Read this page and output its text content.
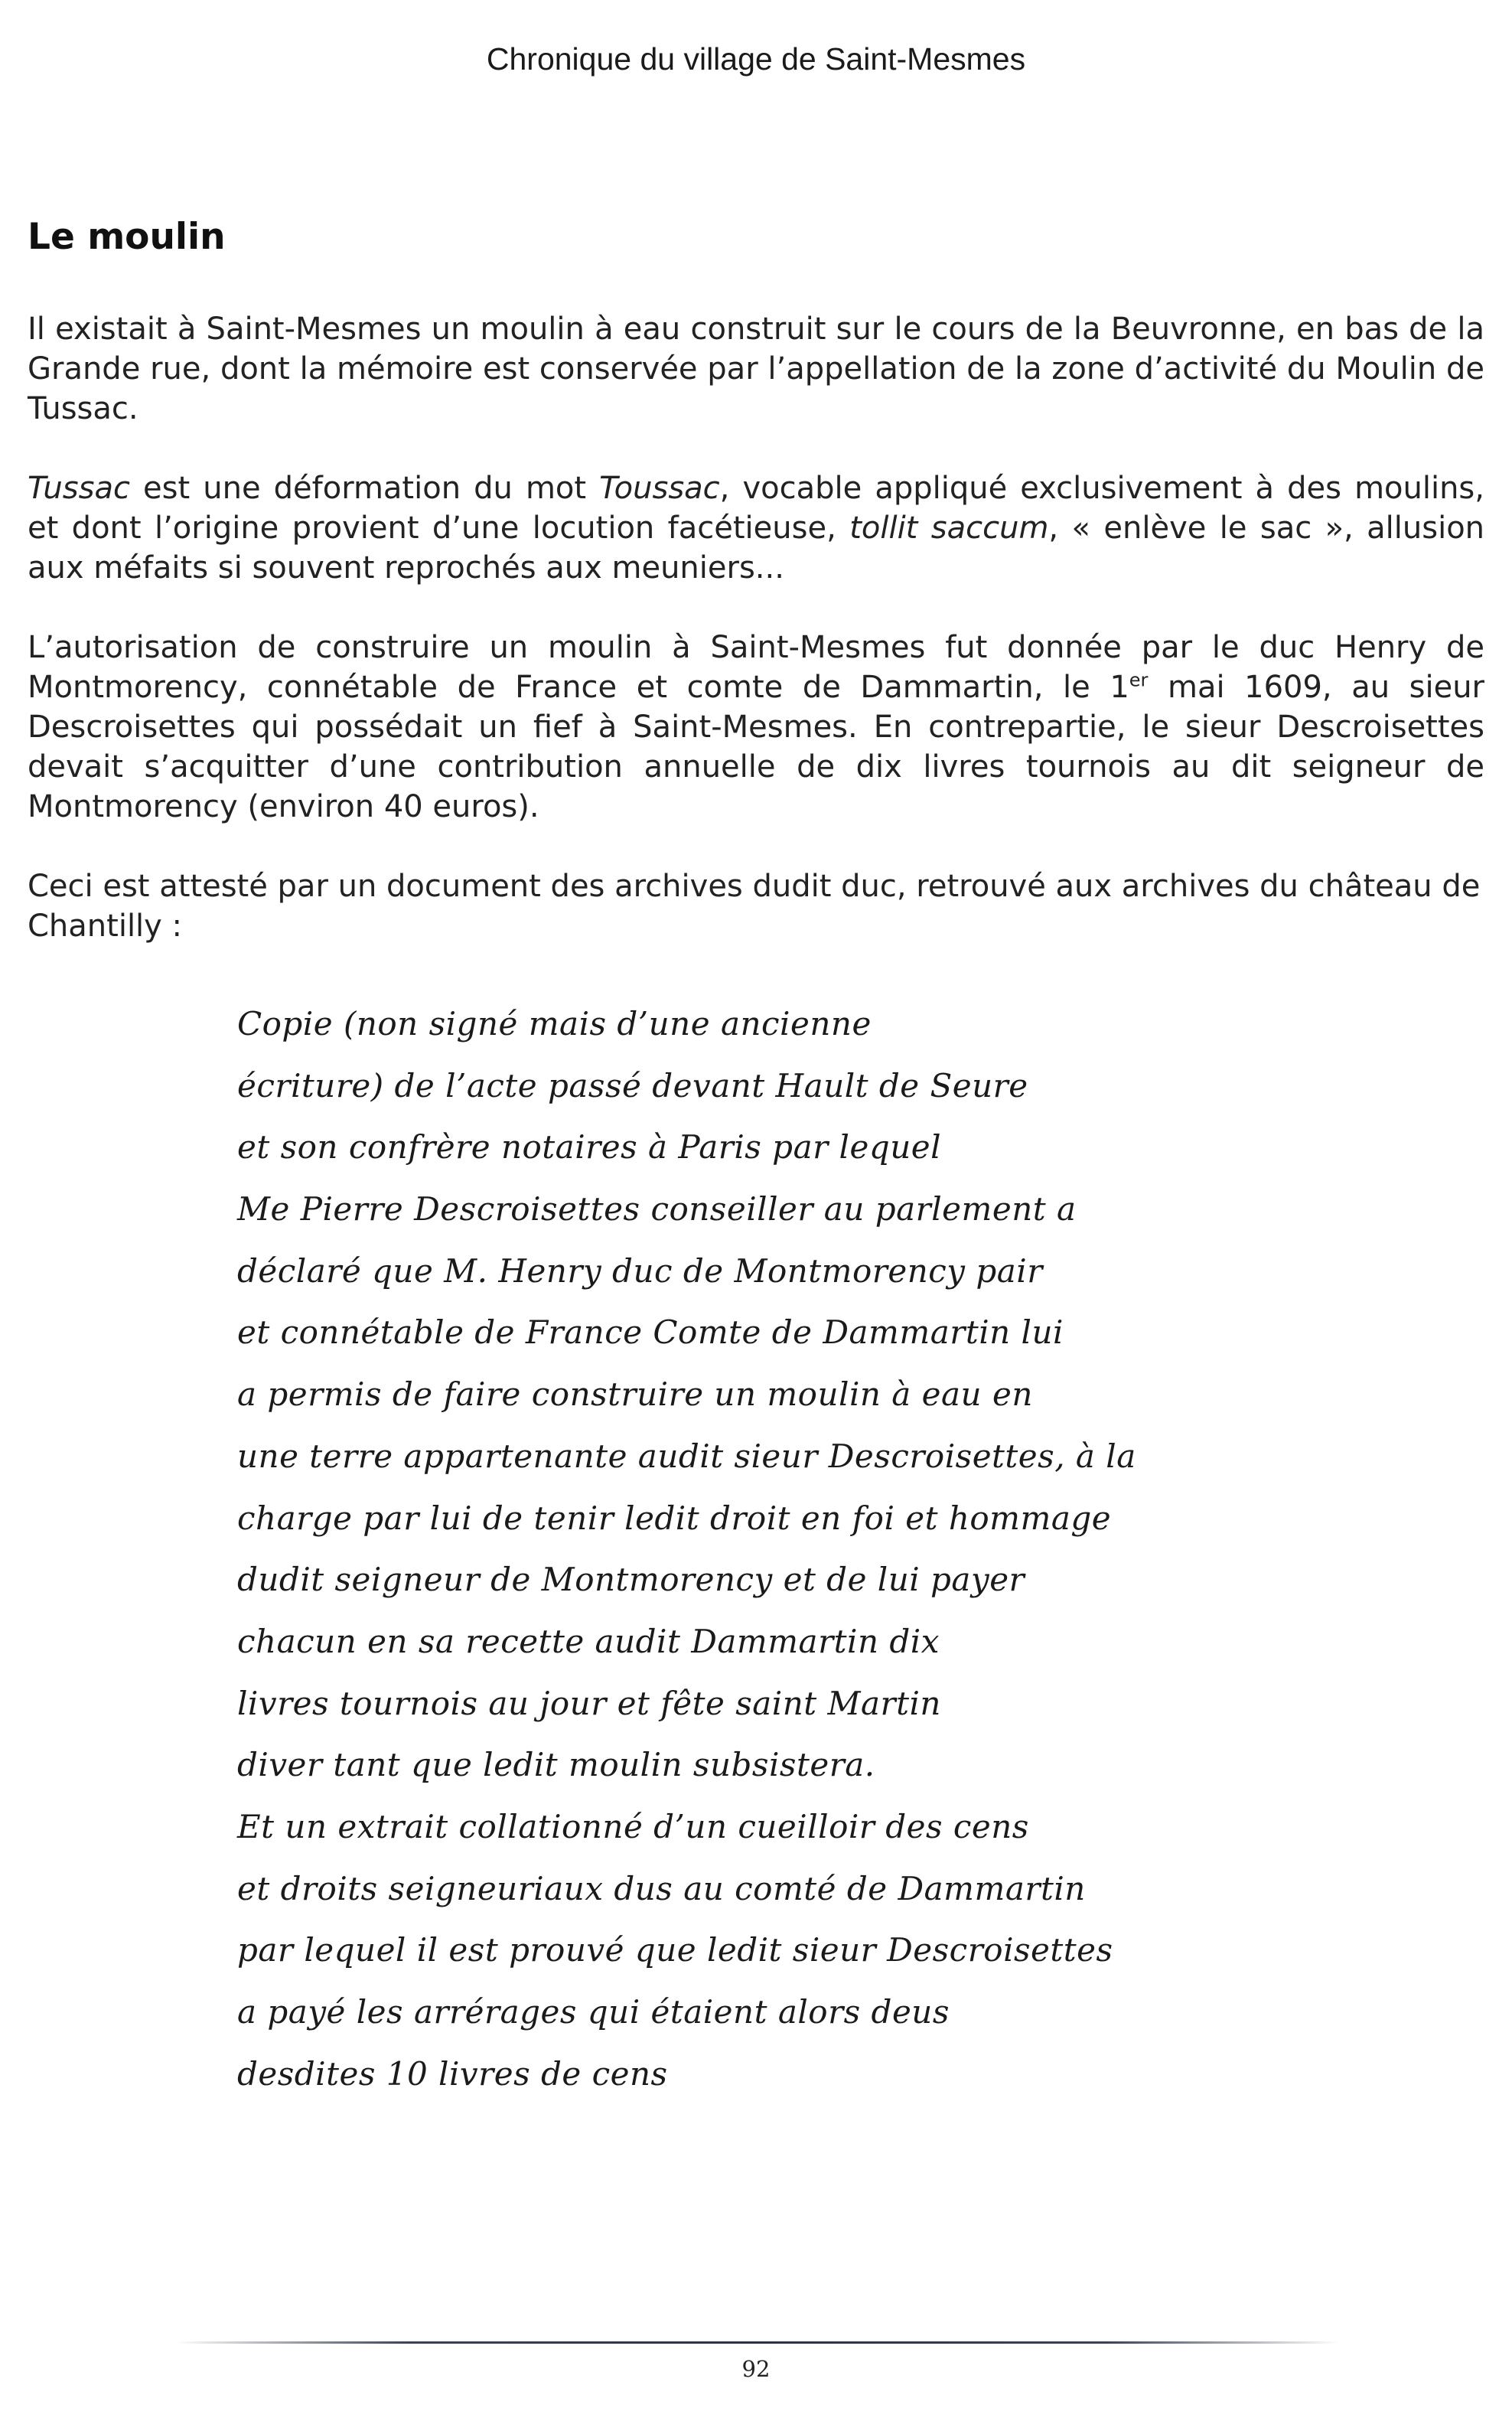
Chronique du village de Saint-Mesmes
Le moulin

Il existait à Saint-Mesmes un moulin à eau construit sur le cours de la Beuvronne, en bas de la Grande rue, dont la mémoire est conservée par l’appellation de la zone d’activité du Moulin de Tussac.

Tussac est une déformation du mot Toussac, vocable appliqué exclusivement à des moulins, et dont l’origine provient d’une locution facétieuse, tollit saccum, « enlève le sac », allusion aux méfaits si souvent reprochés aux meuniers...

L’autorisation de construire un moulin à Saint-Mesmes fut donnée par le duc Henry de Montmorency, connétable de France et comte de Dammartin, le 1er mai 1609, au sieur Descroisettes qui possédait un fief à Saint-Mesmes. En contrepartie, le sieur Descroisettes devait s’acquitter d’une contribution annuelle de dix livres tournois au dit seigneur de Montmorency (environ 40 euros).

Ceci est attesté par un document des archives dudit duc, retrouvé aux archives du château de Chantilly :

Copie (non signé mais d’une ancienne
écriture) de l’acte passé devant Hault de Seure
et son confrère notaires à Paris par lequel
Me Pierre Descroisettes conseiller au parlement a
déclaré que M. Henry duc de Montmorency pair
et connétable de France Comte de Dammartin lui
a permis de faire construire un moulin à eau en
une terre appartenante audit sieur Descroisettes, à la
charge par lui de tenir ledit droit en foi et hommage
dudit seigneur de Montmorency et de lui payer
chacun en sa recette audit Dammartin dix
livres tournois au jour et fête saint Martin
diver tant que ledit moulin subsistera.
Et un extrait collationné d’un cueilloir des cens
et droits seigneuriaux dus au comté de Dammartin
par lequel il est prouvé que ledit sieur Descroisettes
a payé les arrérages qui étaient alors deus
desdites 10 livres de cens
92
